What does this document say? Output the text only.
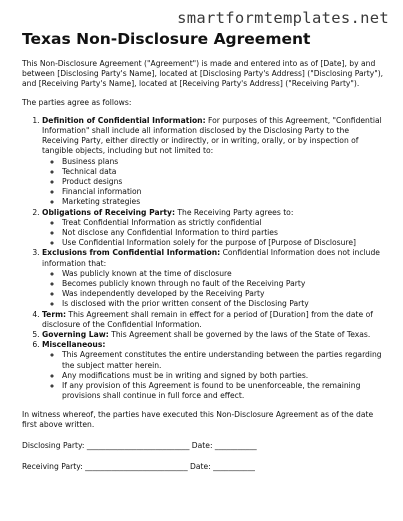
smartformtemplates.net
Texas Non-Disclosure Agreement

This Non-Disclosure Agreement ("Agreement") is made and entered into as of [Date], by and between [Disclosing Party's Name], located at [Disclosing Party's Address] ("Disclosing Party"), and [Receiving Party's Name], located at [Receiving Party's Address] ("Receiving Party").

The parties agree as follows:

1. Definition of Confidential Information: For purposes of this Agreement, "Confidential Information" shall include all information disclosed by the Disclosing Party to the Receiving Party, either directly or indirectly, or in writing, orally, or by inspection of tangible objects, including but not limited to:
◦ Business plans
◦ Technical data
◦ Product designs
◦ Financial information
◦ Marketing strategies
2. Obligations of Receiving Party: The Receiving Party agrees to:
◦ Treat Confidential Information as strictly confidential
◦ Not disclose any Confidential Information to third parties
◦ Use Confidential Information solely for the purpose of [Purpose of Disclosure]
3. Exclusions from Confidential Information: Confidential Information does not include information that:
◦ Was publicly known at the time of disclosure
◦ Becomes publicly known through no fault of the Receiving Party
◦ Was independently developed by the Receiving Party
◦ Is disclosed with the prior written consent of the Disclosing Party
4. Term: This Agreement shall remain in effect for a period of [Duration] from the date of disclosure of the Confidential Information.
5. Governing Law: This Agreement shall be governed by the laws of the State of Texas.
6. Miscellaneous:
◦ This Agreement constitutes the entire understanding between the parties regarding the subject matter herein.
◦ Any modifications must be in writing and signed by both parties.
◦ If any provision of this Agreement is found to be unenforceable, the remaining provisions shall continue in full force and effect.

In witness whereof, the parties have executed this Non-Disclosure Agreement as of the date first above written.

Disclosing Party: ___________________________ Date: ___________
Receiving Party: ___________________________ Date: ___________
